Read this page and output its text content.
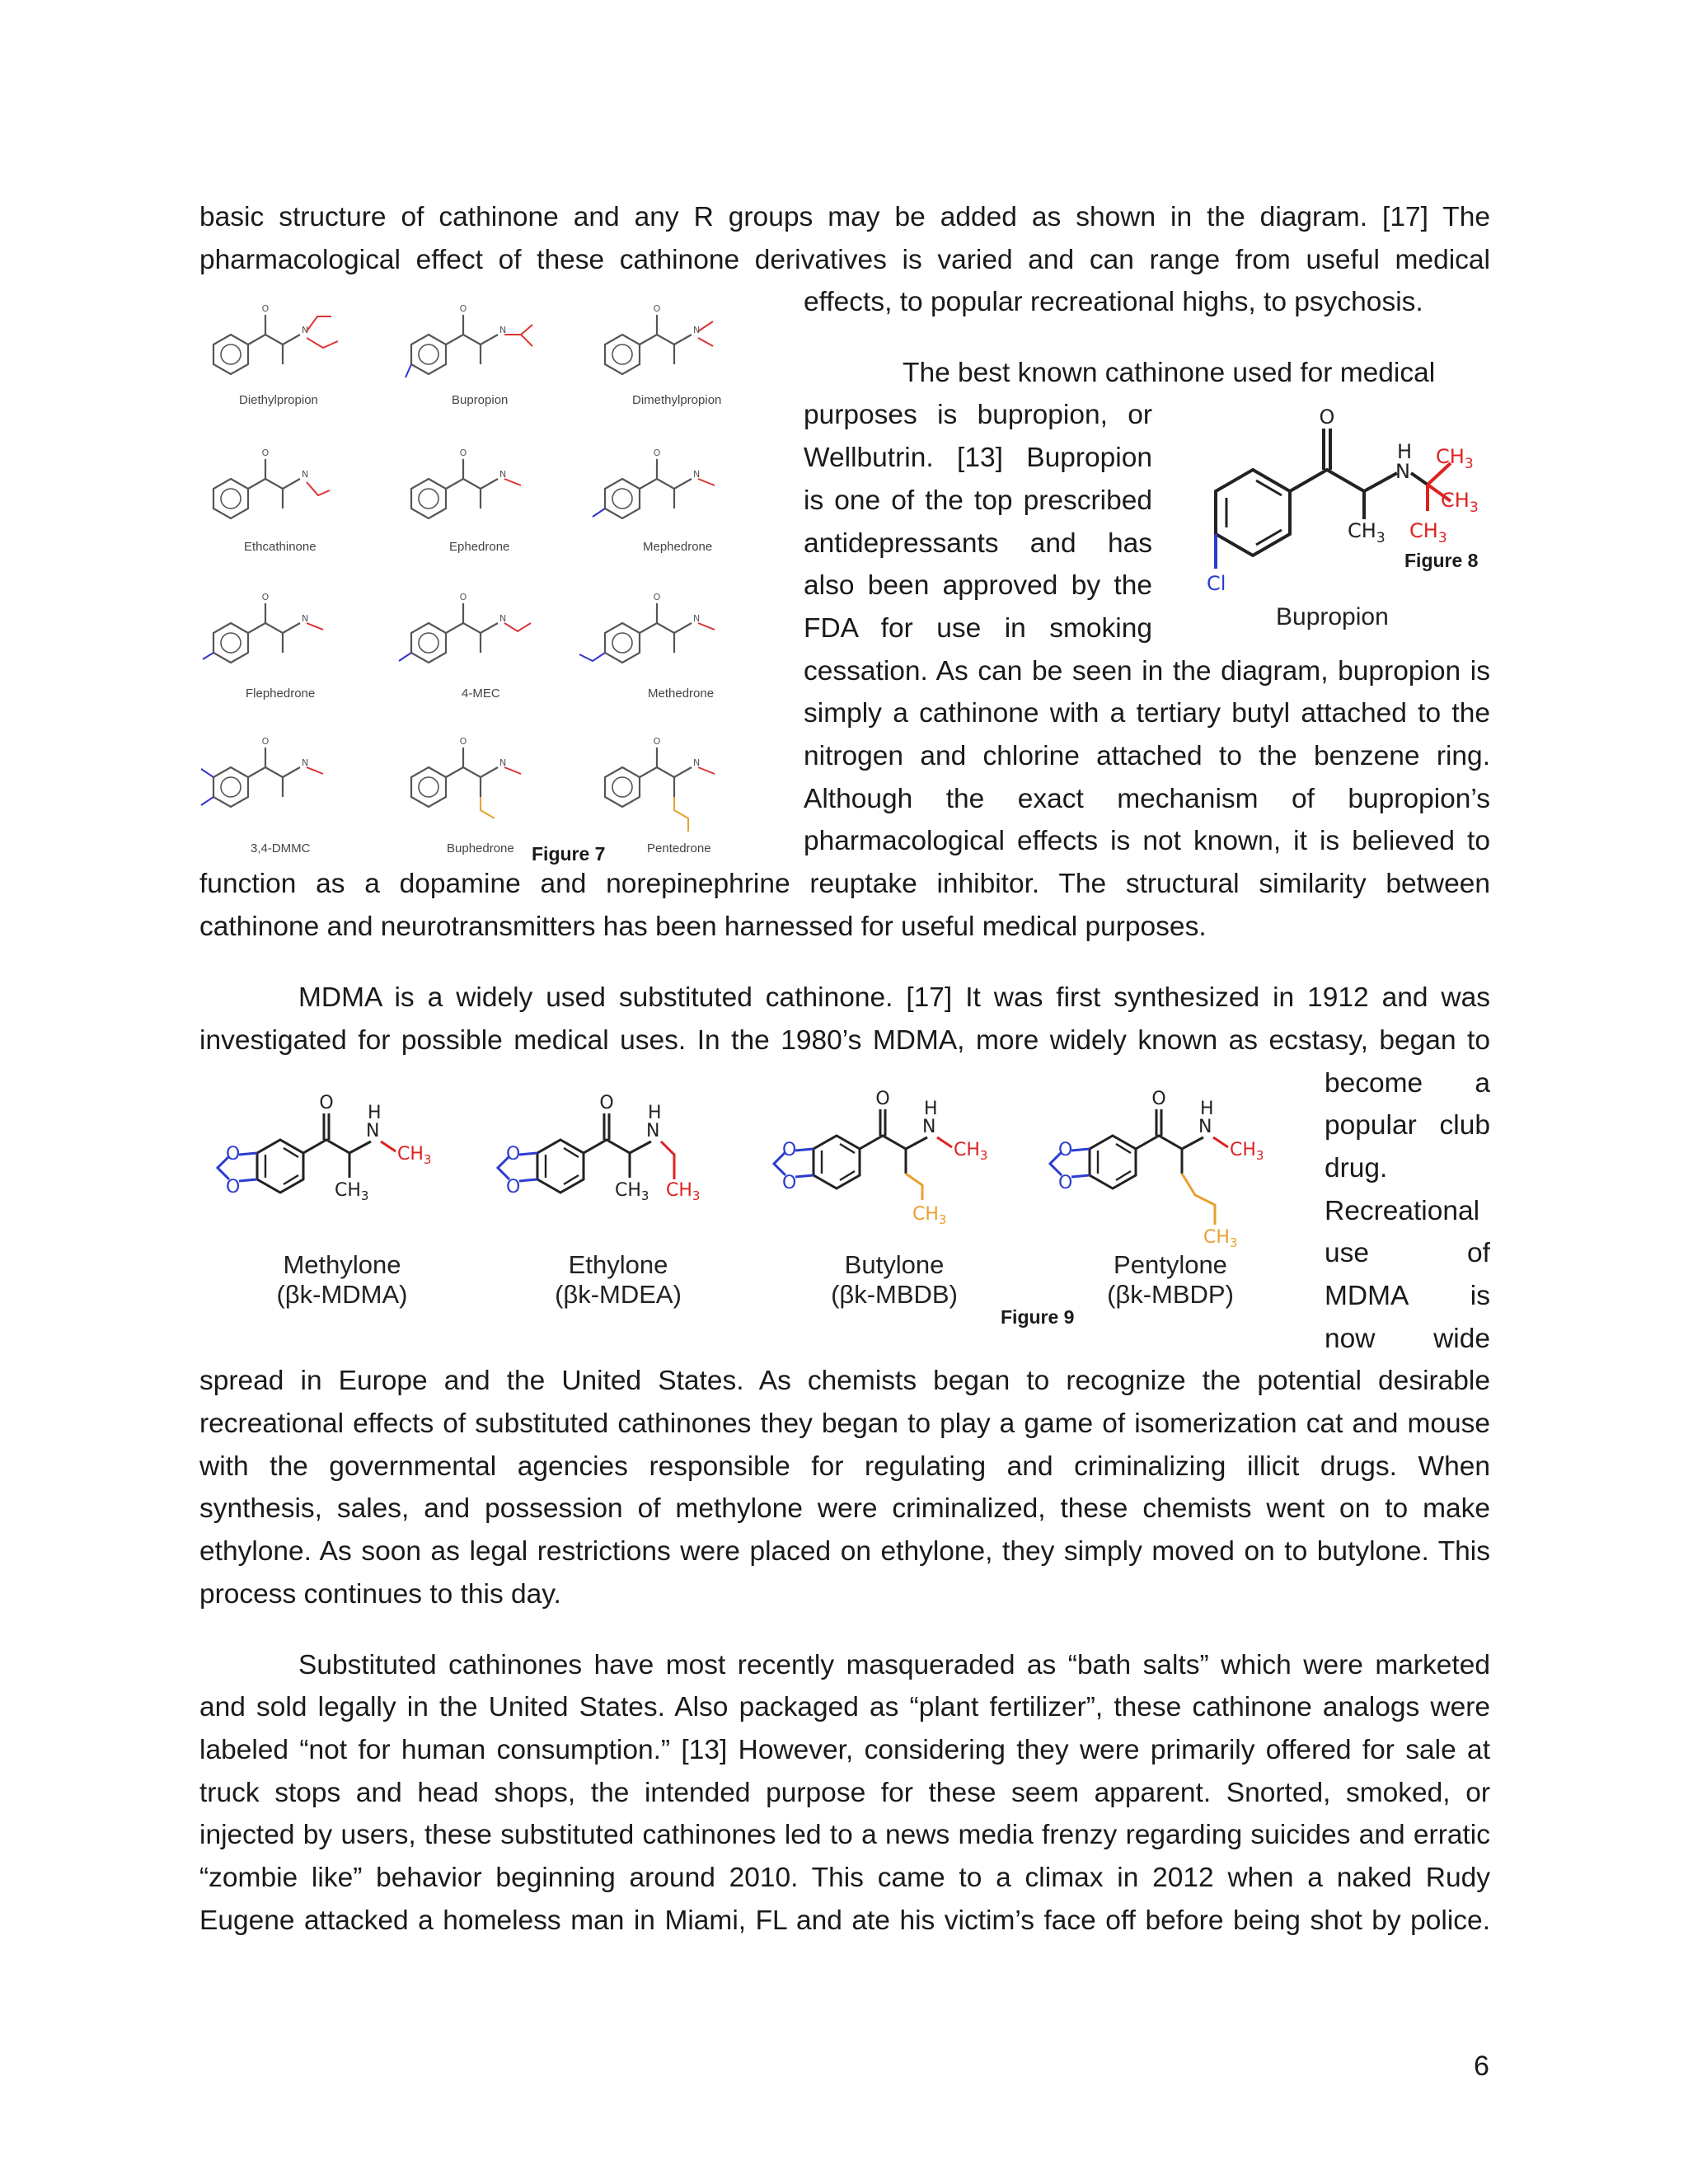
basic structure of cathinone and any R groups may be added as shown in the diagram. [17] The
pharmacological effect of these cathinone derivatives is varied and can range from useful medical
effects, to popular recreational highs, to psychosis.
Diethylpropion	Bupropion	Dimethylpropion
Ethcathinone	Ephedrone	Mephedrone
Flephedrone	4-MEC	Methedrone
3,4-DMMC	Buphedrone	Pentedrone
Figure 7
The best known cathinone used for medical
purposes is bupropion, or
Wellbutrin. [13] Bupropion
is one of the top prescribed
antidepressants and has
also been approved by the
FDA for use in smoking
O
H
N
$CH_3$ $CH_3$
$CH_3$
$CH_3$
Cl
Bupropion
Figure 8
cessation. As can be seen in the diagram, bupropion is
simply a cathinone with a tertiary butyl attached to the
nitrogen and chlorine attached to the benzene ring.
Although the exact mechanism of bupropion’s
pharmacological effects is not known, it is believed to
function as a dopamine and norepinephrine reuptake inhibitor. The structural similarity between
cathinone and neurotransmitters has been harnessed for useful medical purposes.
MDMA is a widely used substituted cathinone. [17] It was first synthesized in 1912 and was
investigated for possible medical uses. In the 1980’s MDMA, more widely known as ecstasy, began to
$CH_3$
$CH_3$	$CH_3$ $CH_3$
$CH_3$
$CH_3$
$CH_3$
$CH_3$
Methylone
(βk-MDMA)
Ethylone
(βk-MDEA)
Butylone
(βk-MBDB)
Pentylone
(βk-MBDP)
Figure 9
become a
popular club
drug.
Recreational
use of
MDMA is
now wide
spread in Europe and the United States. As chemists began to recognize the potential desirable
recreational effects of substituted cathinones they began to play a game of isomerization cat and mouse
with the governmental agencies responsible for regulating and criminalizing illicit drugs. When
synthesis, sales, and possession of methylone were criminalized, these chemists went on to make
ethylone. As soon as legal restrictions were placed on ethylone, they simply moved on to butylone. This
process continues to this day.
Substituted cathinones have most recently masqueraded as “bath salts” which were marketed
and sold legally in the United States. Also packaged as “plant fertilizer”, these cathinone analogs were
labeled “not for human consumption.” [13] However, considering they were primarily offered for sale at
truck stops and head shops, the intended purpose for these seem apparent. Snorted, smoked, or
injected by users, these substituted cathinones led to a news media frenzy regarding suicides and erratic
“zombie like” behavior beginning around 2010. This came to a climax in 2012 when a naked Rudy
Eugene attacked a homeless man in Miami, FL and ate his victim’s face off before being shot by police.
6
